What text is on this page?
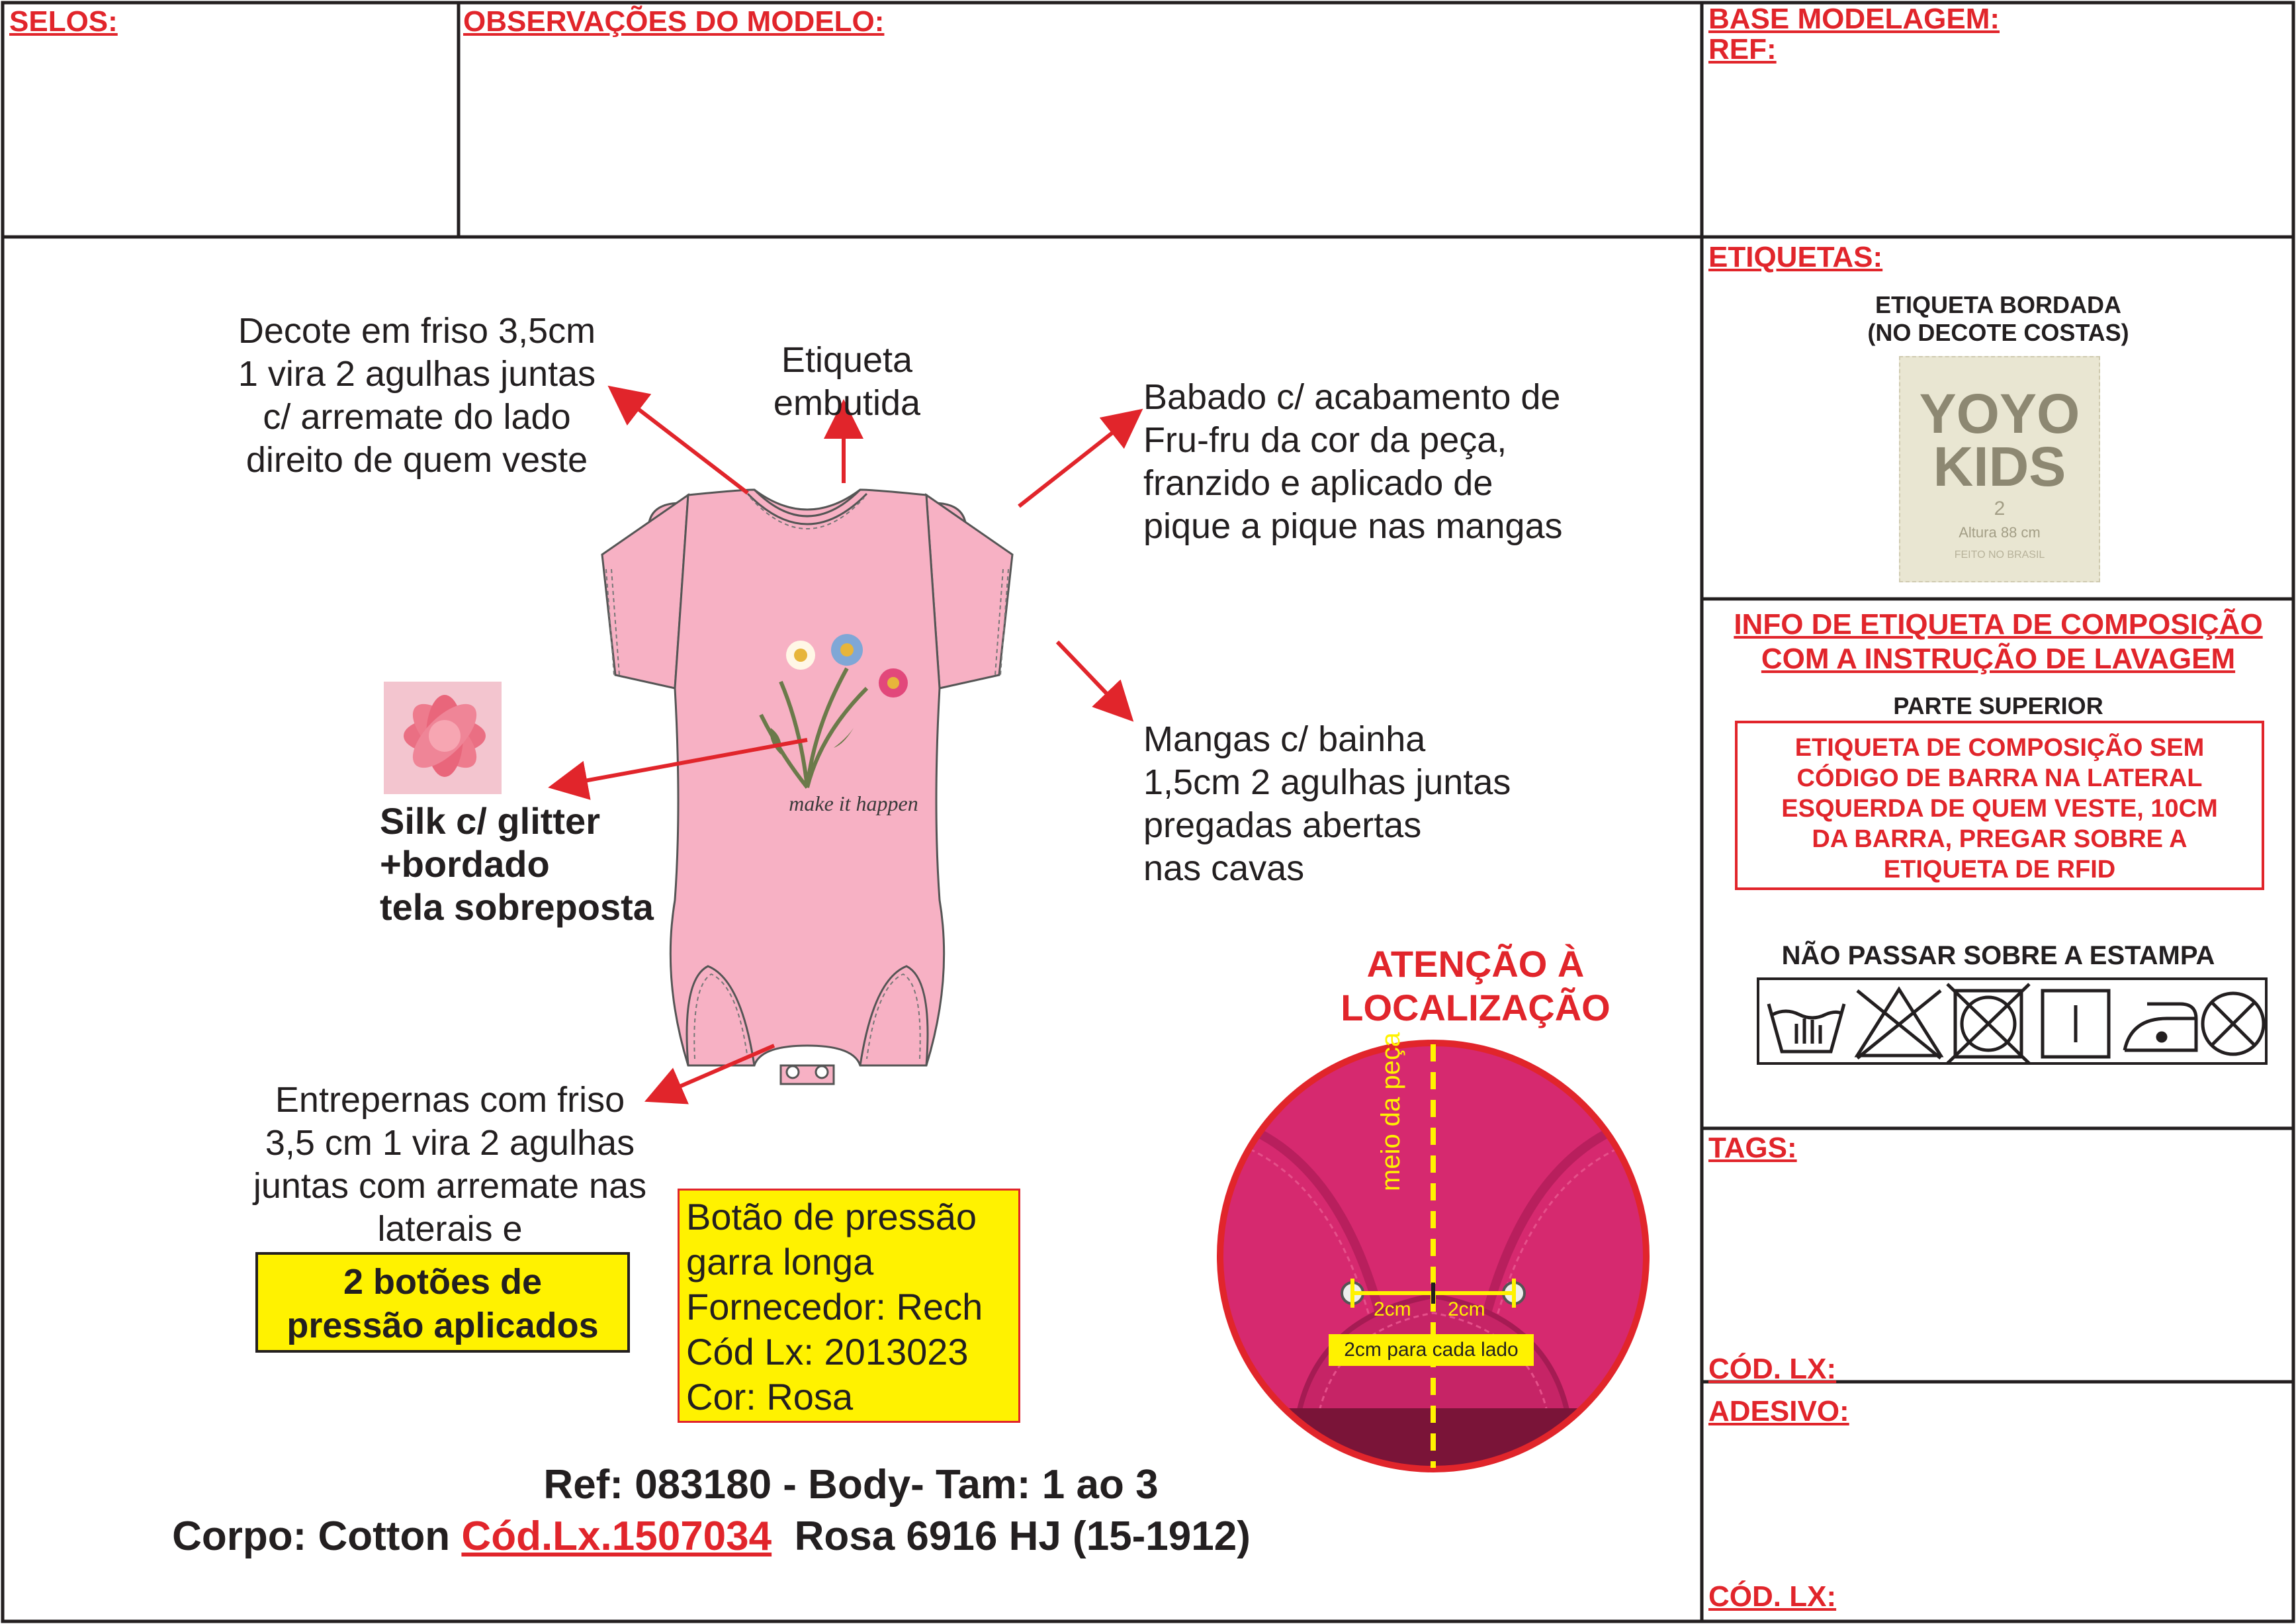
SELOS:	OBSERVAÇÕES DO MODELO:	BASE MODELAGEM:
REF:
ETIQUETAS:
ETIQUETA BORDADA
(NO DECOTE COSTAS)
YOYO
KIDS
2
Altura 88 cm
FEITO NO BRASIL
INFO DE ETIQUETA DE COMPOSIÇÃO
COM A INSTRUÇÃO DE LAVAGEM
PARTE SUPERIOR
ETIQUETA DE COMPOSIÇÃO SEM
CÓDIGO DE BARRA NA LATERAL
ESQUERDA DE QUEM VESTE, 10CM
DA BARRA, PREGAR SOBRE A
ETIQUETA DE RFID
NÃO PASSAR SOBRE A ESTAMPA
TAGS:
CÓD. LX:
ADESIVO:
CÓD. LX:
make it happen
Decote em friso 3,5cm
1 vira 2 agulhas juntas
c/ arremate do lado
direito de quem veste
Etiqueta
embutida	Babado c/ acabamento de
Fru-fru da cor da peça,
franzido e aplicado de
pique a pique nas mangas
Mangas c/ bainha
1,5cm 2 agulhas juntas
pregadas abertas
nas cavas
Silk c/ glitter
+bordado
tela sobreposta
Entrepernas com friso
3,5 cm 1 vira 2 agulhas
juntas com arremate nas
laterais e
2 botões de
pressão aplicados
Botão de pressão
garra longa
Fornecedor: Rech
Cód Lx: 2013023
Cor: Rosa
ATENÇÃO À
LOCALIZAÇÃO
meio da peça
2cm 2cm
2cm para cada lado
Ref: 083180 - Body- Tam: 1 ao 3
Corpo: Cotton Cód.Lx.1507034  Rosa 6916 HJ (15-1912)
